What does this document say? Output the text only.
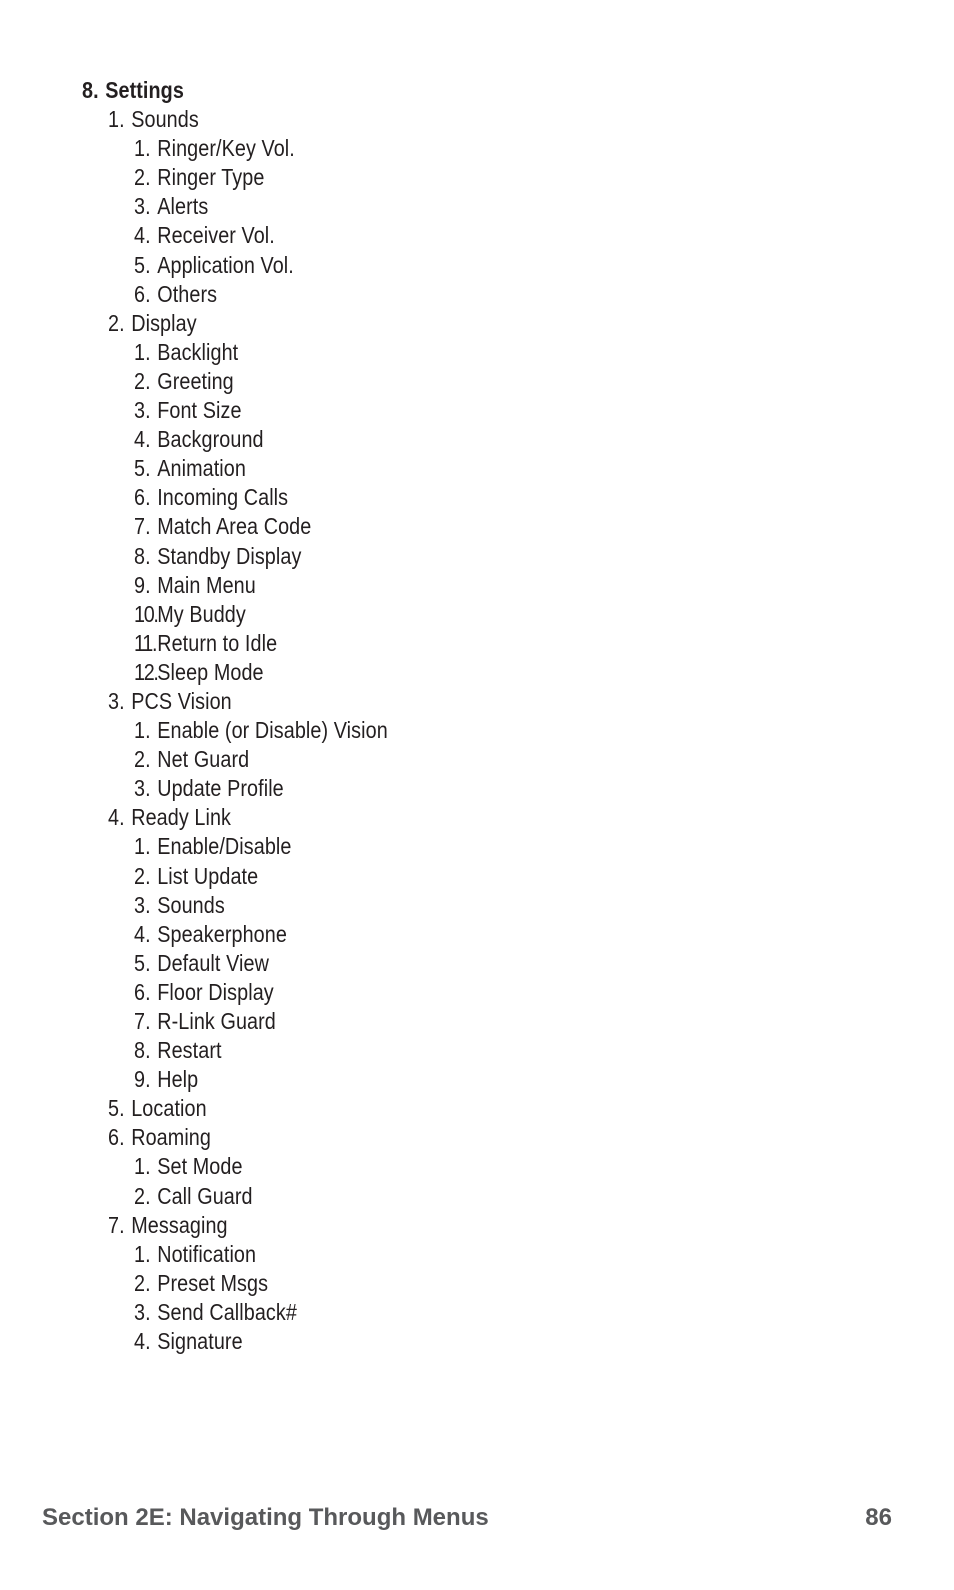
8. Settings
1. Sounds
1. Ringer/Key Vol.
2. Ringer Type
3. Alerts
4. Receiver Vol.
5. Application Vol.
6. Others
2. Display
1. Backlight
2. Greeting
3. Font Size
4. Background
5. Animation
6. Incoming Calls
7. Match Area Code
8. Standby Display
9. Main Menu
10.My Buddy
11.Return to Idle
12.Sleep Mode
3. PCS Vision
1. Enable (or Disable) Vision
2. Net Guard
3. Update Profile
4. Ready Link
1. Enable/Disable
2. List Update
3. Sounds
4. Speakerphone
5. Default View
6. Floor Display
7. R-Link Guard
8. Restart
9. Help
5. Location
6. Roaming
1. Set Mode
2. Call Guard
7. Messaging
1. Notification
2. Preset Msgs
3. Send Callback#
4. Signature
Section 2E: Navigating Through Menus	86
